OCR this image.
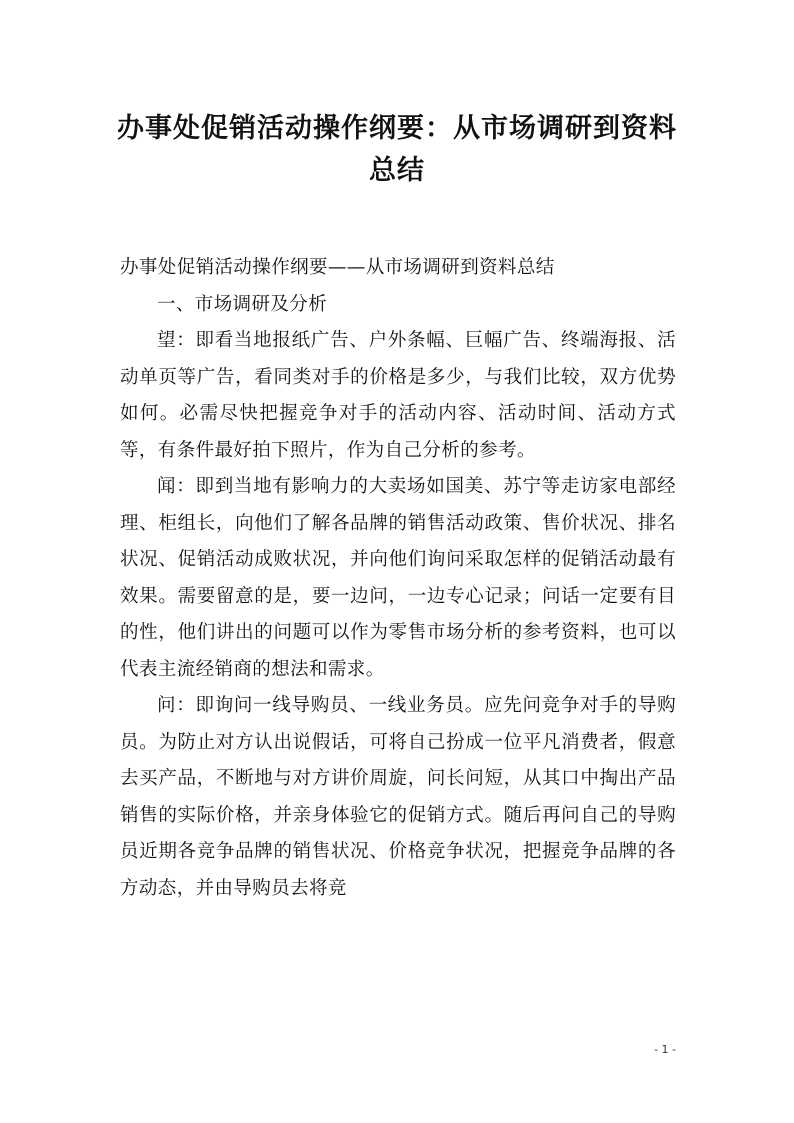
办事处促销活动操作纲要：从市场调研到资料总结

办事处促销活动操作纲要——从市场调研到资料总结

一、市场调研及分析

望：即看当地报纸广告、户外条幅、巨幅广告、终端海报、活动单页等广告，看同类对手的价格是多少，与我们比较，双方优势如何。必需尽快把握竞争对手的活动内容、活动时间、活动方式等，有条件最好拍下照片，作为自己分析的参考。

闻：即到当地有影响力的大卖场如国美、苏宁等走访家电部经理、柜组长，向他们了解各品牌的销售活动政策、售价状况、排名状况、促销活动成败状况，并向他们询问采取怎样的促销活动最有效果。需要留意的是，要一边问，一边专心记录；问话一定要有目的性，他们讲出的问题可以作为零售市场分析的参考资料，也可以代表主流经销商的想法和需求。

问：即询问一线导购员、一线业务员。应先问竞争对手的导购员。为防止对方认出说假话，可将自己扮成一位平凡消费者，假意去买产品，不断地与对方讲价周旋，问长问短，从其口中掏出产品销售的实际价格，并亲身体验它的促销方式。随后再问自己的导购员近期各竞争品牌的销售状况、价格竞争状况，把握竞争品牌的各方动态，并由导购员去将竞

- 1 -
